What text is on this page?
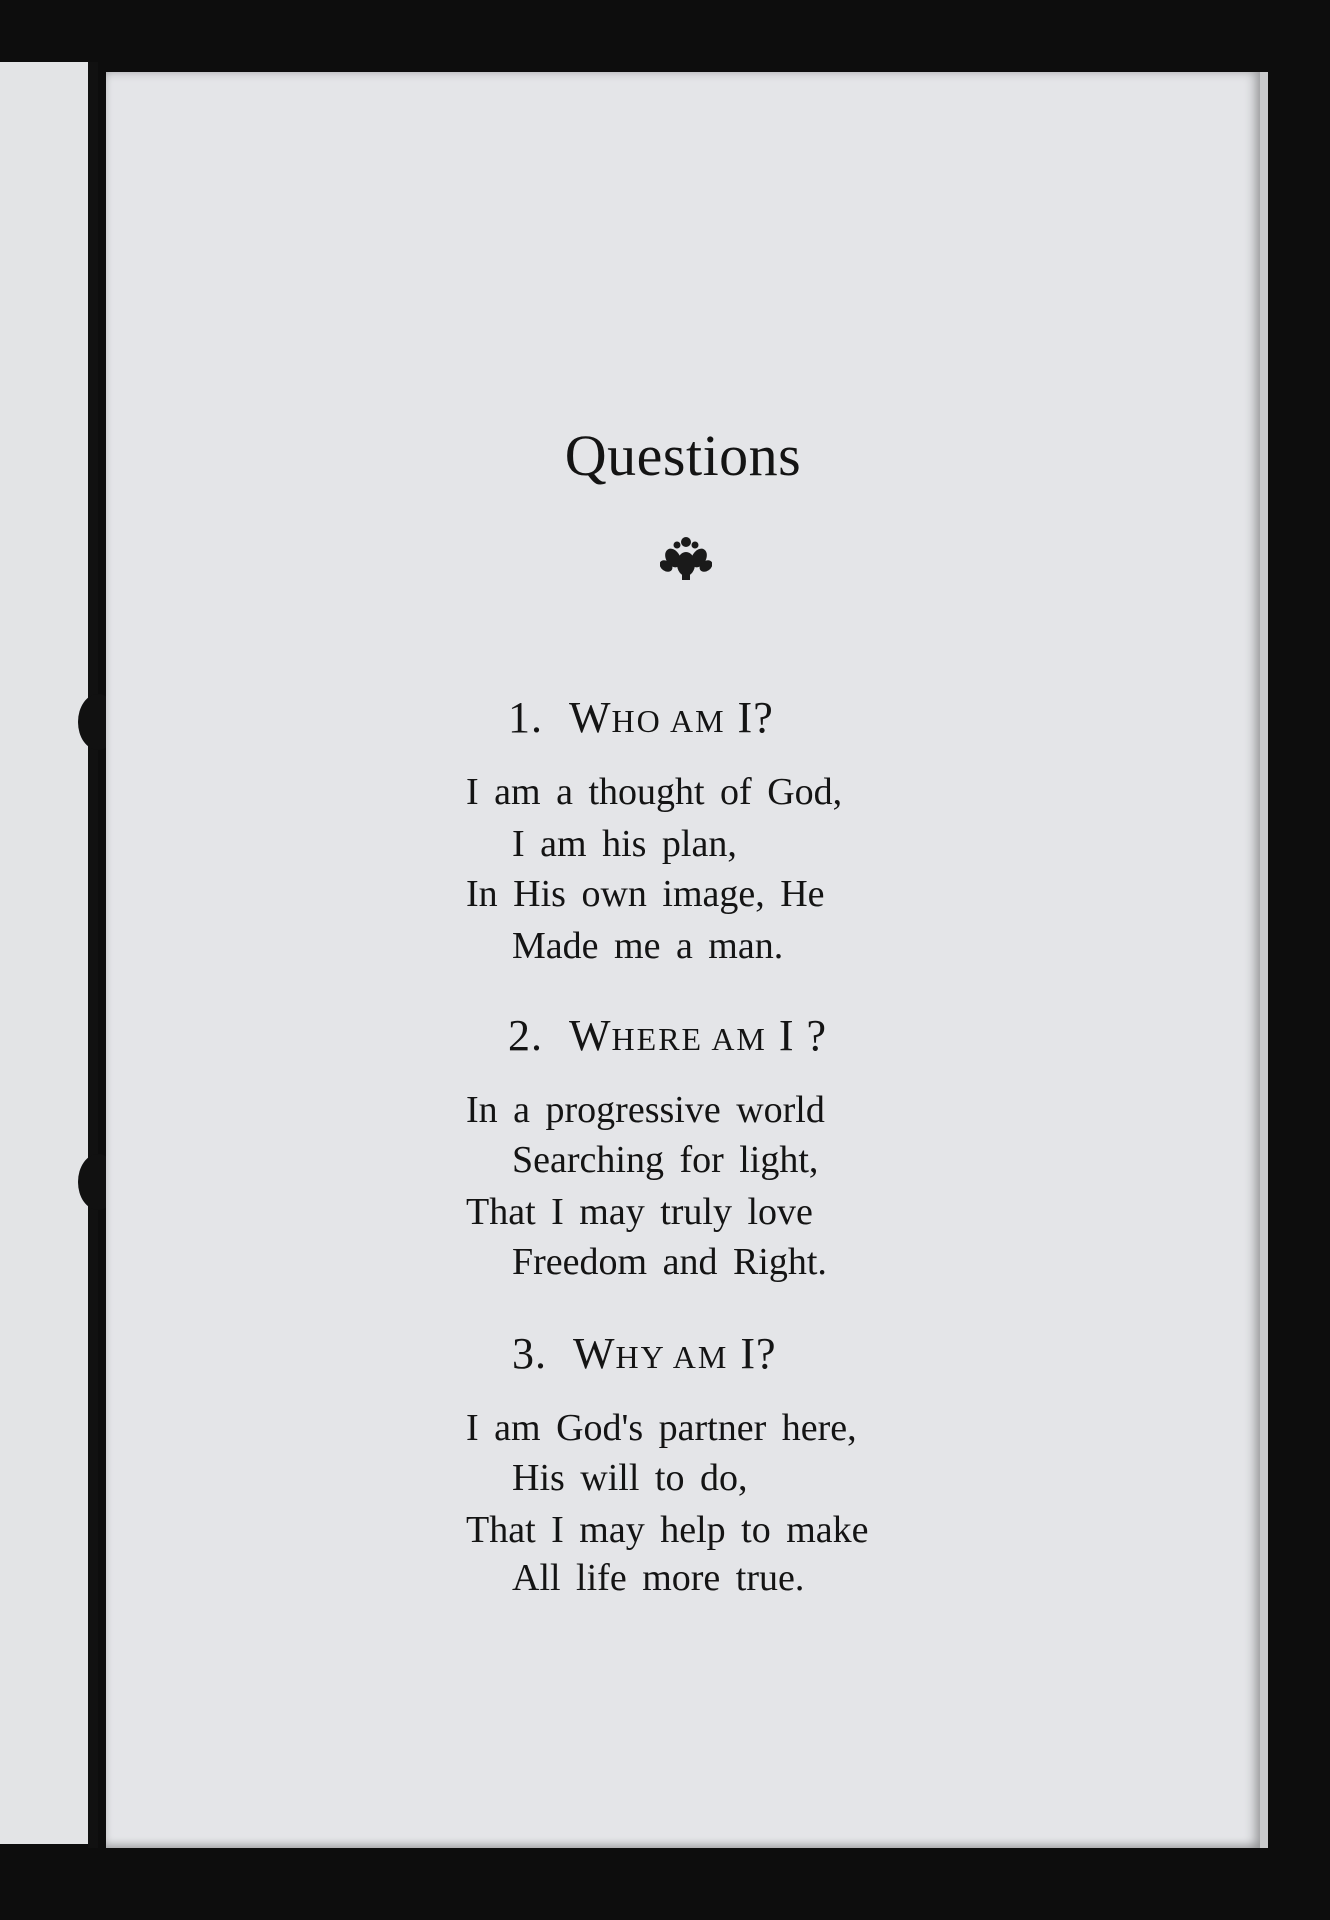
Questions
1. WHO AM I?
I am a thought of God,
I am his plan,
In His own image, He
Made me a man.
2. WHERE AM I ?
In a progressive world
Searching for light,
That I may truly love
Freedom and Right.
3. WHY AM I?
I am God's partner here,
His will to do,
That I may help to make
All life more true.
